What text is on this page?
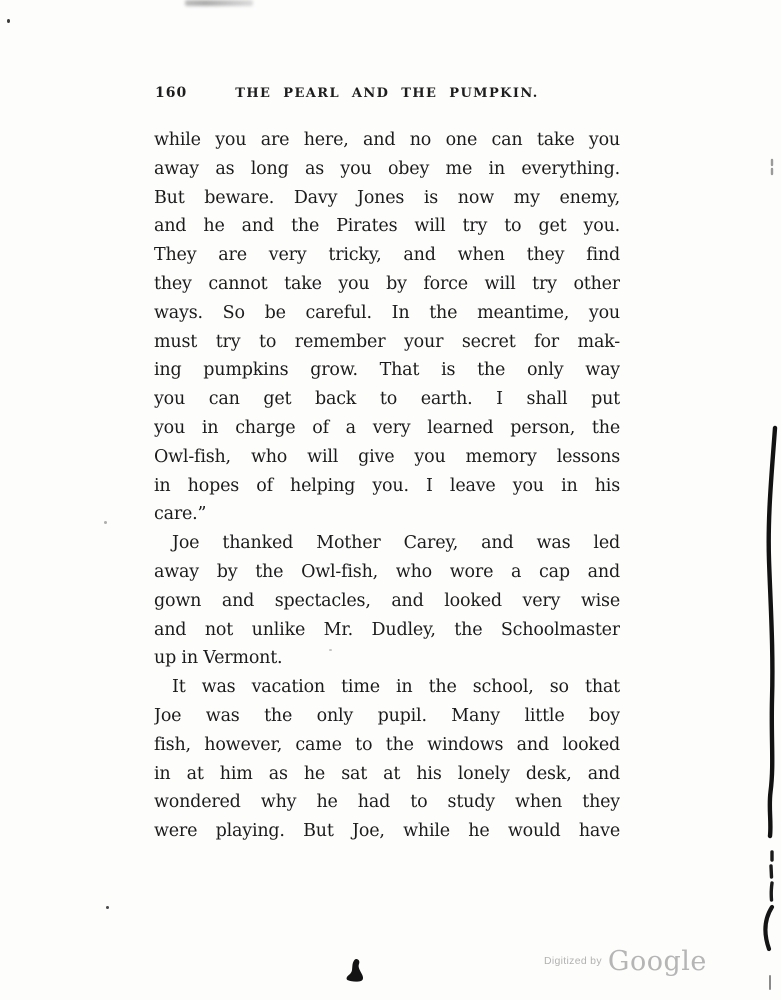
160	THE PEARL AND THE PUMPKIN.
while you are here, and no one can take you
away as long as you obey me in everything.
But beware. Davy Jones is now my enemy,
and he and the Pirates will try to get you.
They are very tricky, and when they find
they cannot take you by force will try other
ways. So be careful. In the meantime, you
must try to remember your secret for mak-
ing pumpkins grow. That is the only way
you can get back to earth. I shall put
you in charge of a very learned person, the
Owl-fish, who will give you memory lessons
in hopes of helping you. I leave you in his
care.”
Joe thanked Mother Carey, and was led
away by the Owl-fish, who wore a cap and
gown and spectacles, and looked very wise
and not unlike Mr. Dudley, the Schoolmaster
up in Vermont.
It was vacation time in the school, so that
Joe was the only pupil. Many little boy
fish, however, came to the windows and looked
in at him as he sat at his lonely desk, and
wondered why he had to study when they
were playing. But Joe, while he would have
$^{Digitized by}$ Google
